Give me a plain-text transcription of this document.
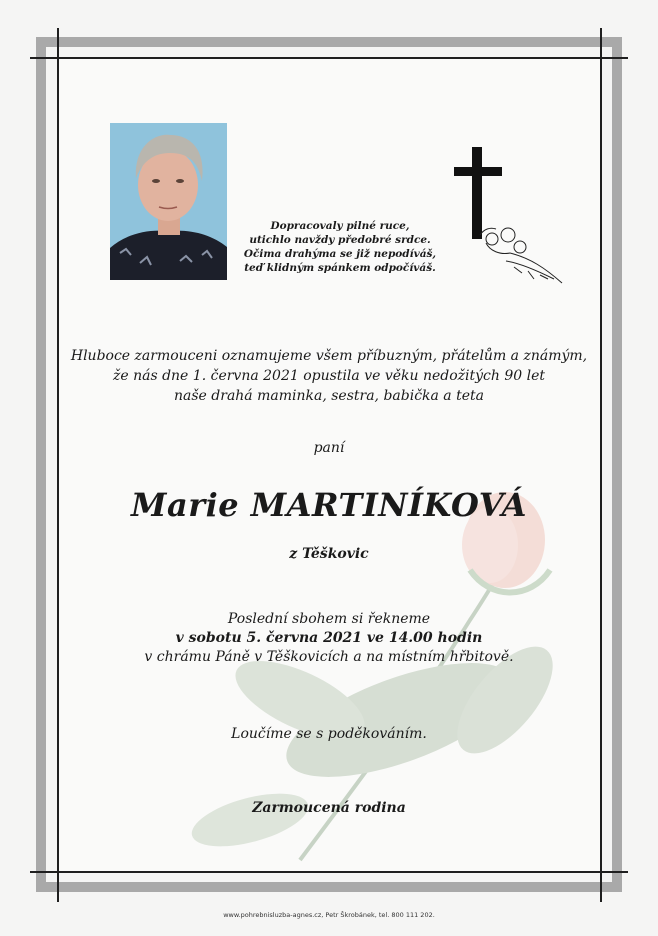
Dopracovaly pilné ruce,
utichlo navždy předobré srdce.
Očima drahýma se již nepodíváš,
teď klidným spánkem odpočíváš.
Hluboce zarmouceni oznamujeme všem příbuzným, přátelům a známým,
že nás dne 1. června 2021 opustila ve věku nedožitých 90 let
naše drahá maminka, sestra, babička a teta
paní
Marie MARTINÍKOVÁ
z Těškovic
Poslední sbohem si řekneme
v sobotu 5. června 2021 ve 14.00 hodin
v chrámu Páně v Těškovicích a na místním hřbitově.
Loučíme se s poděkováním.
Zarmoucená rodina
www.pohrebnisluzba-agnes.cz, Petr Škrobánek, tel. 800 111 202.
